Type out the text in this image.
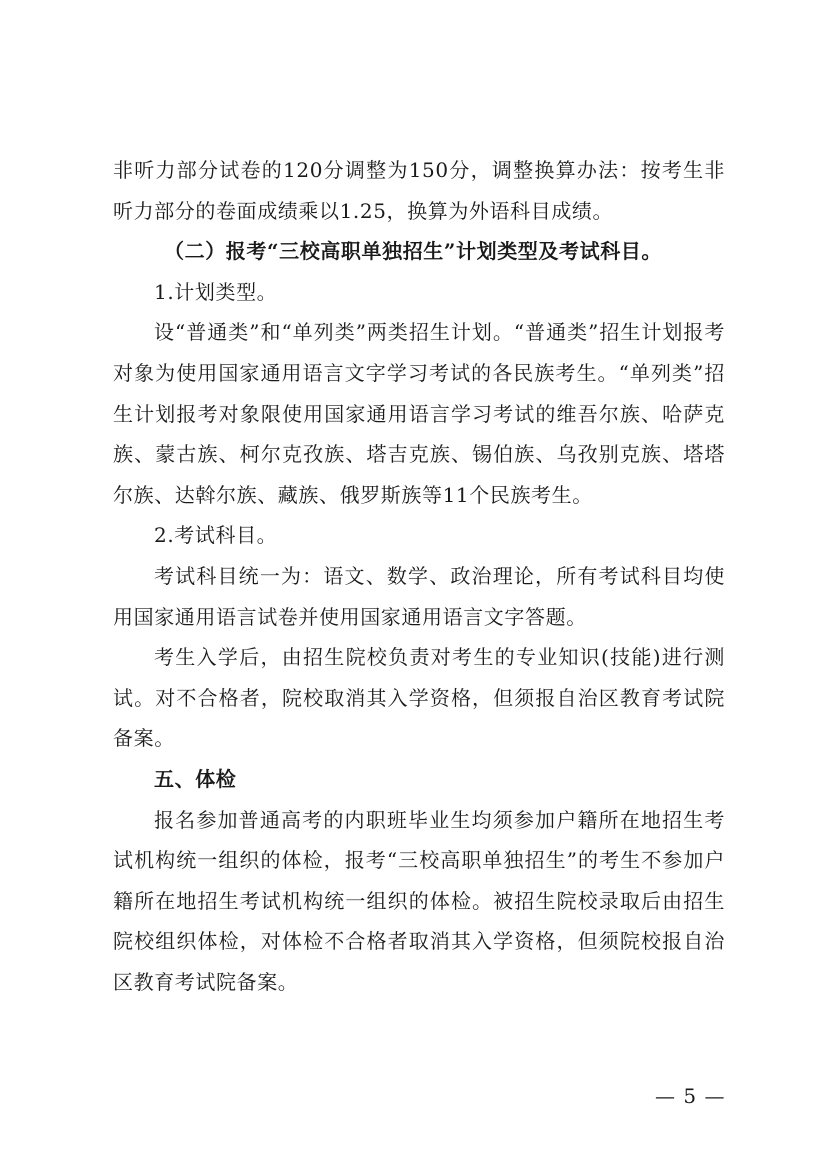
非听力部分试卷的120分调整为150分，调整换算办法：按考生非听力部分的卷面成绩乘以1.25，换算为外语科目成绩。

（二）报考“三校高职单独招生”计划类型及考试科目。

1.计划类型。

设“普通类”和“单列类”两类招生计划。“普通类”招生计划报考对象为使用国家通用语言文字学习考试的各民族考生。“单列类”招生计划报考对象限使用国家通用语言学习考试的维吾尔族、哈萨克族、蒙古族、柯尔克孜族、塔吉克族、锡伯族、乌孜别克族、塔塔尔族、达斡尔族、藏族、俄罗斯族等11个民族考生。

2.考试科目。

考试科目统一为：语文、数学、政治理论，所有考试科目均使用国家通用语言试卷并使用国家通用语言文字答题。

考生入学后，由招生院校负责对考生的专业知识(技能)进行测试。对不合格者，院校取消其入学资格，但须报自治区教育考试院备案。

五、体检

报名参加普通高考的内职班毕业生均须参加户籍所在地招生考试机构统一组织的体检，报考“三校高职单独招生”的考生不参加户籍所在地招生考试机构统一组织的体检。被招生院校录取后由招生院校组织体检，对体检不合格者取消其入学资格，但须院校报自治区教育考试院备案。

— 5 —
